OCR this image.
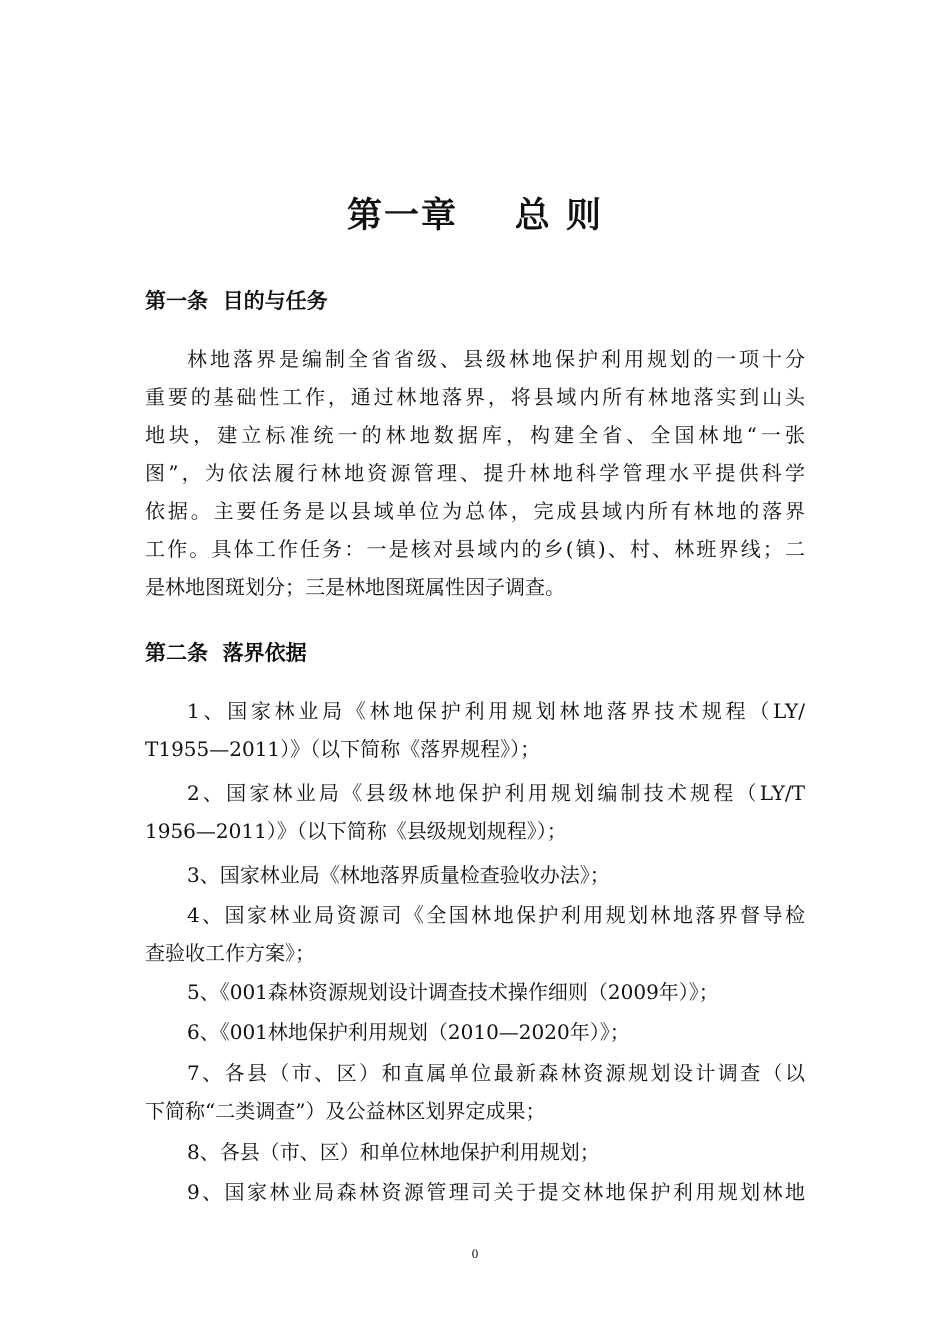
第一章    总 则
第一条  目的与任务
林地落界是编制全省省级、县级林地保护利用规划的一项十分
重要的基础性工作，通过林地落界，将县域内所有林地落实到山头
地块，建立标准统一的林地数据库，构建全省、全国林地“一张
图”，为依法履行林地资源管理、提升林地科学管理水平提供科学
依据。主要任务是以县域单位为总体，完成县域内所有林地的落界
工作。具体工作任务：一是核对县域内的乡(镇)、村、林班界线；二
是林地图斑划分；三是林地图斑属性因子调查。
第二条  落界依据
1、国家林业局《林地保护利用规划林地落界技术规程（LY/
T1955—2011）》（以下简称《落界规程》）；
2、国家林业局《县级林地保护利用规划编制技术规程（LY/T
1956—2011）》（以下简称《县级规划规程》）；
3、国家林业局《林地落界质量检查验收办法》；
4、国家林业局资源司《全国林地保护利用规划林地落界督导检
查验收工作方案》；
5、《001森林资源规划设计调查技术操作细则（2009年）》；
6、《001林地保护利用规划（2010—2020年）》；
7、各县（市、区）和直属单位最新森林资源规划设计调查（以
下简称“二类调查”）及公益林区划界定成果；
8、各县（市、区）和单位林地保护利用规划；
9、国家林业局森林资源管理司关于提交林地保护利用规划林地
0
